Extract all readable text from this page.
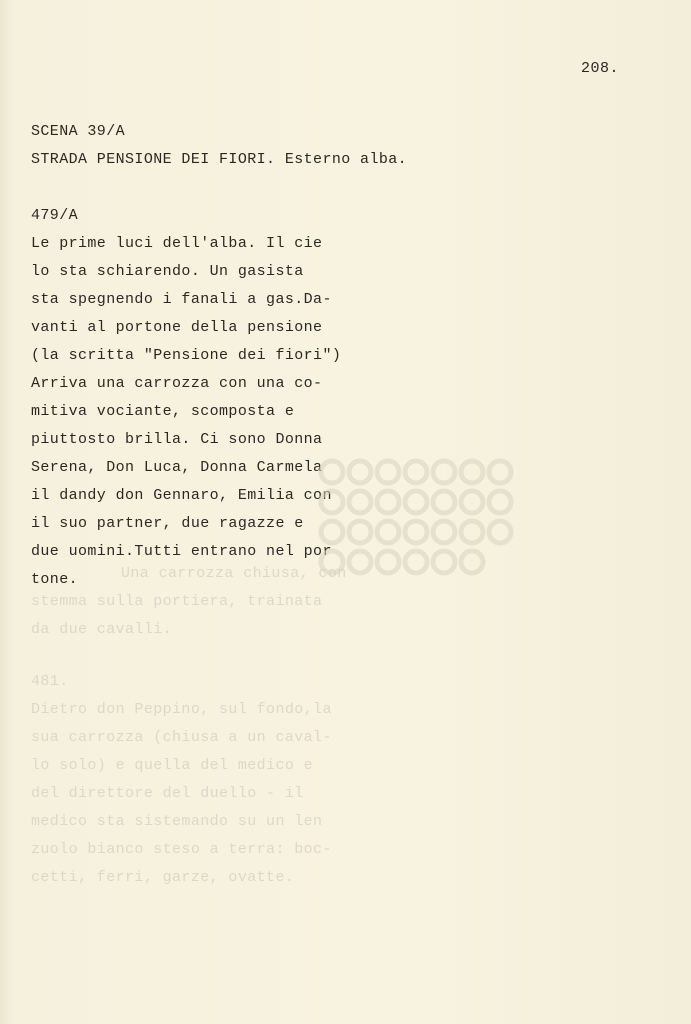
208.
SCENA 39/A
STRADA PENSIONE DEI FIORI. Esterno alba.
479/A
Le prime luci dell'alba. Il cie
lo sta schiarendo. Un gasista
sta spegnendo i fanali a gas.Da-
vanti al portone della pensione
(la scritta "Pensione dei fiori")
Arriva una carrozza con una co-
mitiva vociante, scomposta e
piuttosto brilla. Ci sono Donna
Serena, Don Luca, Donna Carmela
il dandy don Gennaro, Emilia con
il suo partner, due ragazze e
due uomini.Tutti entrano nel por
tone.	Una carrozza chiusa, con
stemma sulla portiera, trainata
da due cavalli.
481.
Dietro don Peppino, sul fondo,la
sua carrozza (chiusa a un caval-
lo solo) e quella del medico e
del direttore del duello - il
medico sta sistemando su un len
zuolo bianco steso a terra: boc-
cetti, ferri, garze, ovatte.
